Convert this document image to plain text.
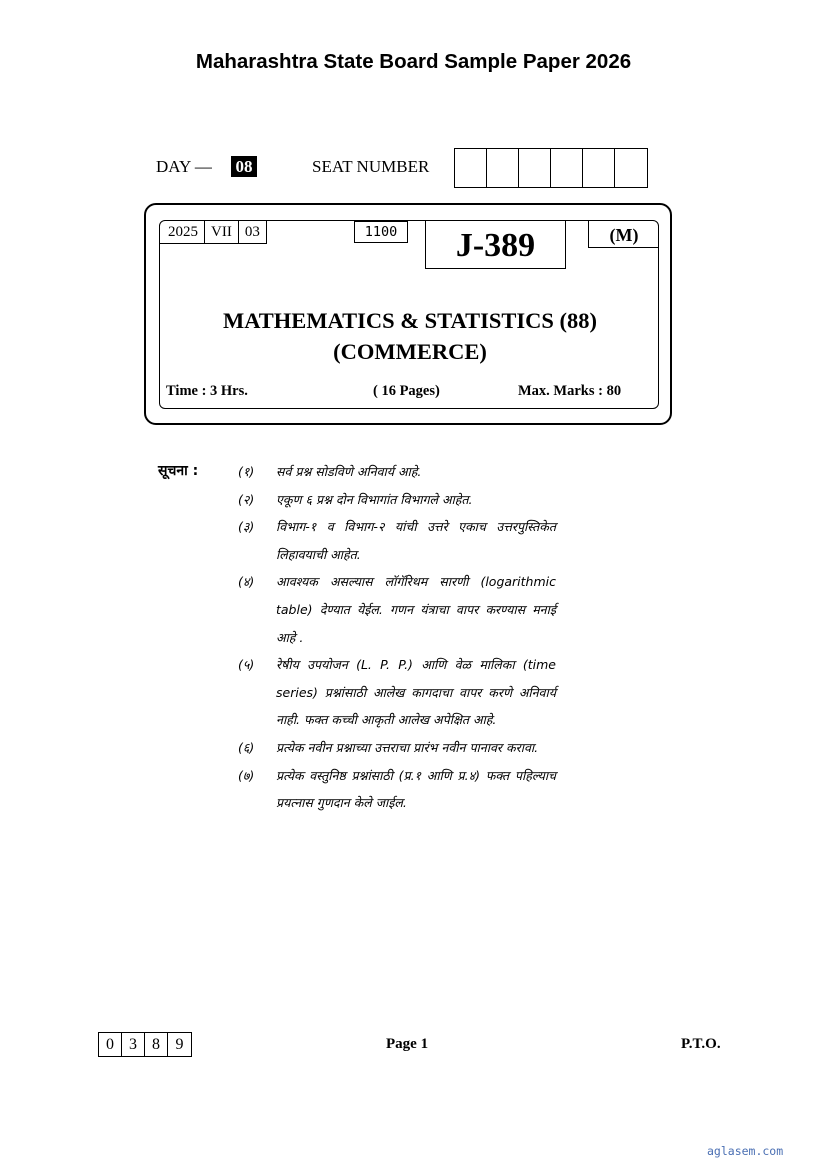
Maharashtra State Board Sample Paper 2026
DAY — 08	SEAT NUMBER
2025 VII 03	1100	J-389	(M)
MATHEMATICS & STATISTICS (88)
(COMMERCE)
Time : 3 Hrs.	( 16 Pages)	Max. Marks : 80
सूचना :	(१)	सर्व प्रश्न सोडविणे अनिवार्य आहे.
(२)	एकूण ६ प्रश्न दोन विभागांत विभागले आहेत.
(३)	विभाग-१ व विभाग-२ यांची उत्तरे एकाच उत्तरपुस्तिकेत लिहावयाची आहेत.
(४)	आवश्यक असल्यास लॉगॅरिथम सारणी (logarithmic table) देण्यात येईल. गणन यंत्राचा वापर करण्यास मनाई आहे .
(५)	रेषीय उपयोजन (L. P. P.) आणि वेळ मालिका (time series) प्रश्नांसाठी आलेख कागदाचा वापर करणे अनिवार्य नाही. फक्त कच्ची आकृती आलेख अपेक्षित आहे.
(६)	प्रत्येक नवीन प्रश्नाच्या उत्तराचा प्रारंभ नवीन पानावर करावा.
(७)	प्रत्येक वस्तुनिष्ठ प्रश्नांसाठी (प्र.१ आणि प्र.४) फक्त पहिल्याच प्रयत्नास गुणदान केले जाईल.
0 3 8 9	Page 1	P.T.O.
aglasem.com
